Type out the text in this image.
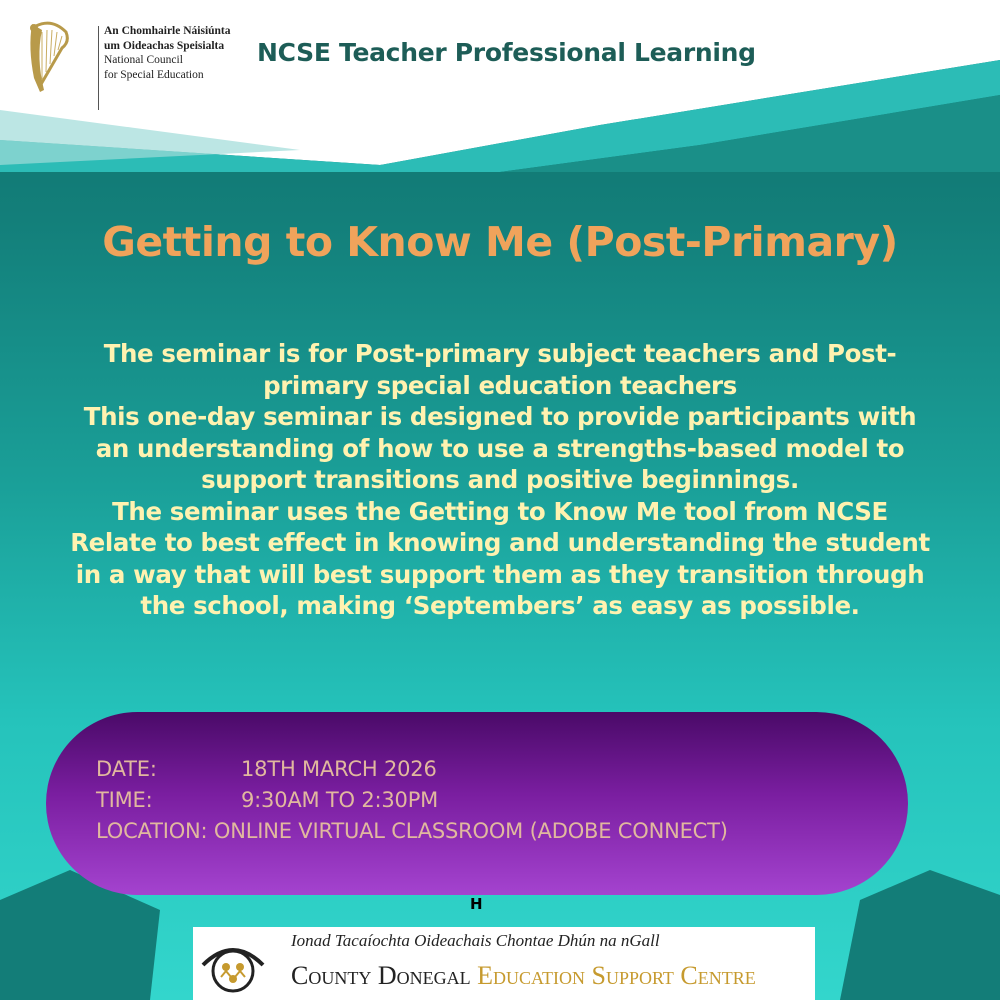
An Chomhairle Náisiúnta
um Oideachas Speisialta
National Council
for Special Education
NCSE Teacher Professional Learning
Getting to Know Me (Post-Primary)
The seminar is for Post-primary subject teachers and Post-
primary special education teachers
This one-day seminar is designed to provide participants with
an understanding of how to use a strengths-based model to
support transitions and positive beginnings.
The seminar uses the Getting to Know Me tool from NCSE
Relate to best effect in knowing and understanding the student
in a way that will best support them as they transition through
the school, making ‘Septembers’ as easy as possible.
DATE:	18TH MARCH 2026
TIME:	9:30AM TO 2:30PM
LOCATION: ONLINE VIRTUAL CLASSROOM (ADOBE CONNECT)
H
Ionad Tacaíochta Oideachais Chontae Dhún na nGall
County Donegal Education Support Centre
